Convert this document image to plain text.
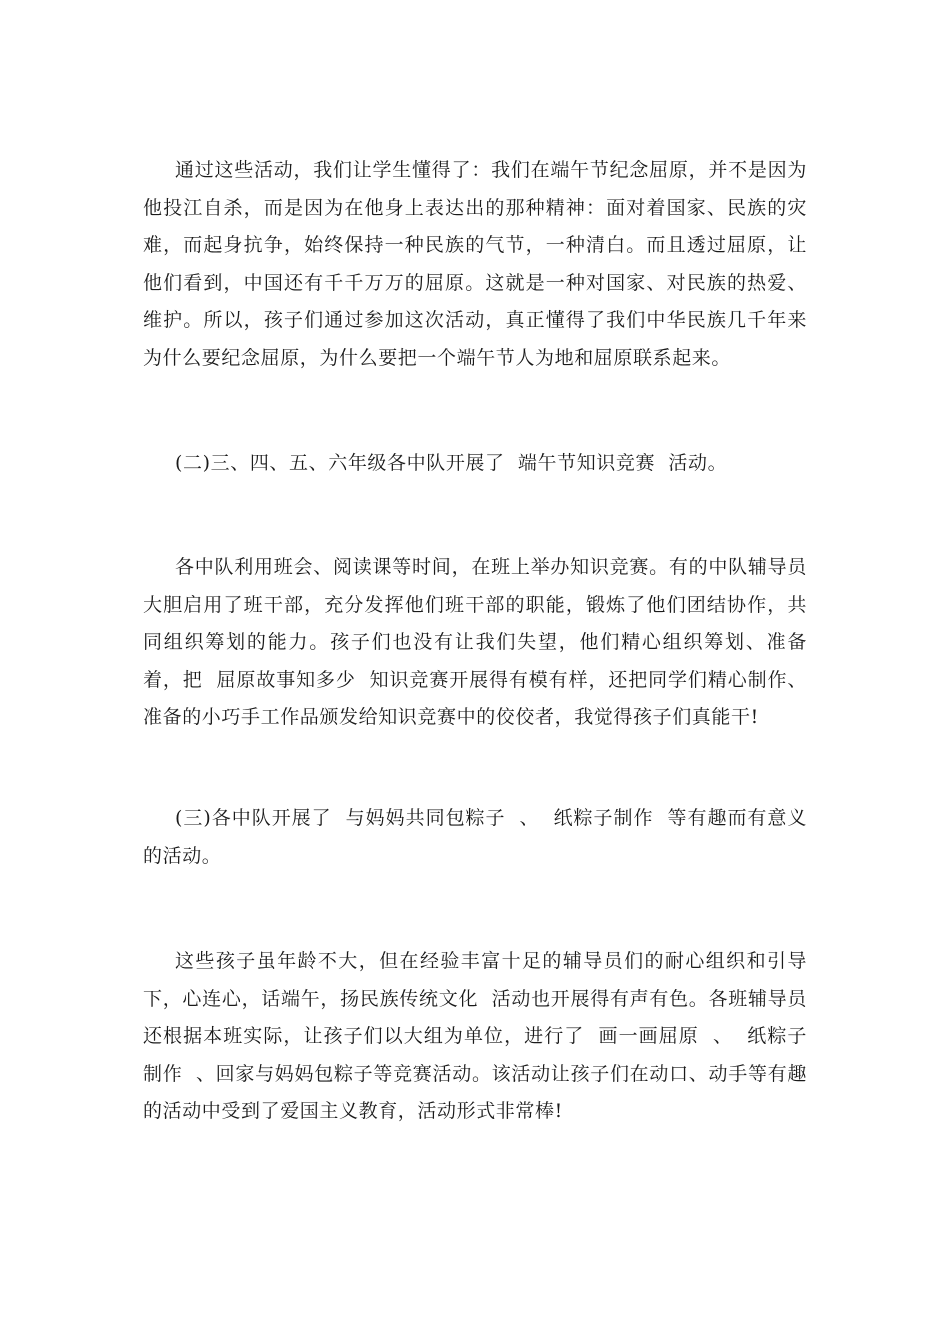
通过这些活动，我们让学生懂得了：我们在端午节纪念屈原，并不是因为他投江自杀，而是因为在他身上表达出的那种精神：面对着国家、民族的灾难，而起身抗争，始终保持一种民族的气节，一种清白。而且透过屈原，让他们看到，中国还有千千万万的屈原。这就是一种对国家、对民族的热爱、维护。所以，孩子们通过参加这次活动，真正懂得了我们中华民族几千年来为什么要纪念屈原，为什么要把一个端午节人为地和屈原联系起来。

(二)三、四、五、六年级各中队开展了  端午节知识竞赛  活动。

各中队利用班会、阅读课等时间，在班上举办知识竞赛。有的中队辅导员大胆启用了班干部，充分发挥他们班干部的职能，锻炼了他们团结协作，共同组织筹划的能力。孩子们也没有让我们失望，他们精心组织筹划、准备着，把  屈原故事知多少  知识竞赛开展得有模有样，还把同学们精心制作、准备的小巧手工作品颁发给知识竞赛中的佼佼者，我觉得孩子们真能干!

(三)各中队开展了  与妈妈共同包粽子  、  纸粽子制作  等有趣而有意义的活动。

这些孩子虽年龄不大，但在经验丰富十足的辅导员们的耐心组织和引导下，心连心，话端午，扬民族传统文化  活动也开展得有声有色。各班辅导员还根据本班实际，让孩子们以大组为单位，进行了  画一画屈原  、  纸粽子制作  、回家与妈妈包粽子等竞赛活动。该活动让孩子们在动口、动手等有趣的活动中受到了爱国主义教育，活动形式非常棒!
